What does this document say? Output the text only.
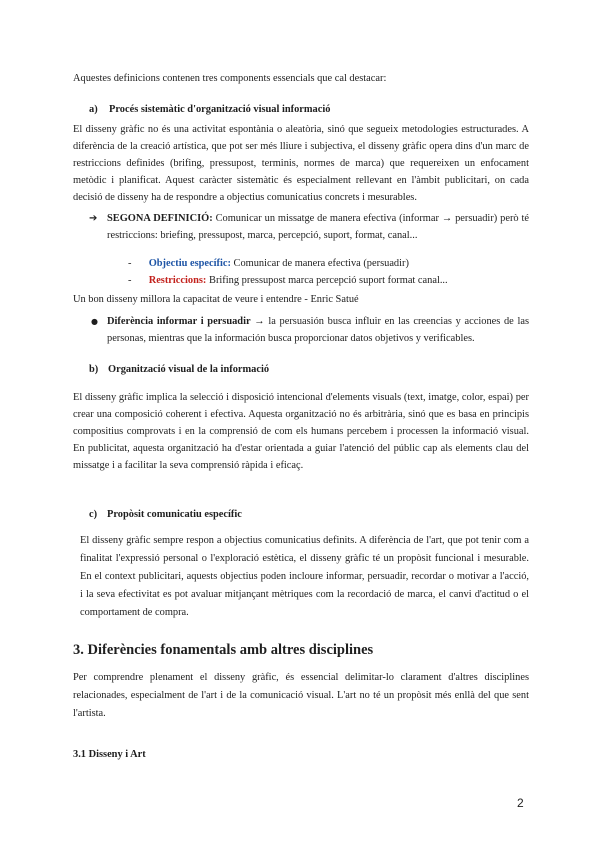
Aquestes definicions contenen tres components essencials que cal destacar:
a) Procés sistemàtic d'organització visual informació
El disseny gràfic no és una activitat espontània o aleatòria, sinó que segueix metodologies estructurades. A diferència de la creació artística, que pot ser més lliure i subjectiva, el disseny gràfic opera dins d'un marc de restriccions definides (brifing, pressupost, terminis, normes de marca) que requereixen un enfocament metòdic i planificat. Aquest caràcter sistemàtic és especialment rellevant en l'àmbit publicitari, on cada decisió de disseny ha de respondre a objectius comunicatius concrets i mesurables.
➔ SEGONA DEFINICIÓ: Comunicar un missatge de manera efectiva (informar → persuadir) però té restriccions: briefing, pressupost, marca, percepció, suport, format, canal...
- Objectiu específic: Comunicar de manera efectiva (persuadir)
- Restriccions: Brifing pressupost marca percepció suport format canal...
Un bon disseny millora la capacitat de veure i entendre - Enric Satué
● Diferència informar i persuadir → la persuasión busca influir en las creencias y acciones de las personas, mientras que la información busca proporcionar datos objetivos y verificables.
b) Organització visual de la informació
El disseny gràfic implica la selecció i disposició intencional d'elements visuals (text, imatge, color, espai) per crear una composició coherent i efectiva. Aquesta organització no és arbitrària, sinó que es basa en principis compositius comprovats i en la comprensió de com els humans percebem i processen la informació visual. En publicitat, aquesta organització ha d'estar orientada a guiar l'atenció del públic cap als elements clau del missatge i a facilitar la seva comprensió ràpida i eficaç.
c) Propòsit comunicatiu específic
El disseny gràfic sempre respon a objectius comunicatius definits. A diferència de l'art, que pot tenir com a finalitat l'expressió personal o l'exploració estètica, el disseny gràfic té un propòsit funcional i mesurable. En el context publicitari, aquests objectius poden incloure informar, persuadir, recordar o motivar a l'acció, i la seva efectivitat es pot avaluar mitjançant mètriques com la recordació de marca, el canvi d'actitud o el comportament de compra.
3. Diferències fonamentals amb altres disciplines
Per comprendre plenament el disseny gràfic, és essencial delimitar-lo clarament d'altres disciplines relacionades, especialment de l'art i de la comunicació visual. L'art no té un propòsit més enllà del que sent l'artista.
3.1 Disseny i Art
2
